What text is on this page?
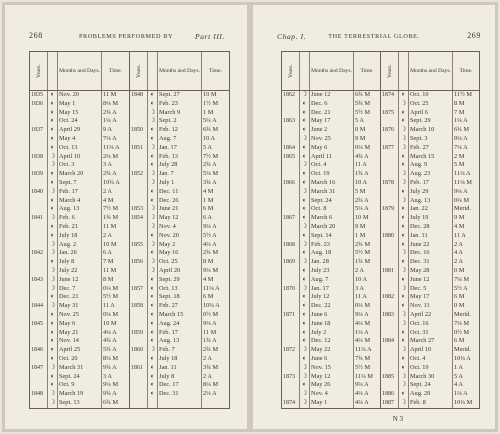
268	PROBLEMS PERFORMED BY	Part III.
Years.		Months and Days.	Time.	Years.		Months and Days.	Time.
1835	◐	Nov. 20	11 M	1848	◐	Sept. 27	10 M
1836	◐	May 1	8¼ M		◐	Feb. 23	1½ M
	◐	May 15	2¾ A		☽	March 9	1 M
	◐	Oct. 24	1¼ A		☽	Sept. 2	5¼ A
1837	◐	April 29	9 A	1850	◐	Feb. 12	6¾ M
	◐	May 4	7¼ A		◐	Aug. 7	10 A
	◐	Oct. 13	11¼ A	1851	☽	Jan. 17	5 A
1838	☽	April 10	2¼ M		◐	Feb. 13	7½ M
	☽	Oct. 3	3 A		◐	July 28	2¾ A
1839	◐	March 20	2¾ A	1852	☽	Jan. 7	5¼ M
	◐	Sept. 7	10¾ A		☽	July 1	3¾ A
1840	☽	Feb. 17	2 A		◐	Dec. 11	4 M
	◐	March 4	4 M		◐	Dec. 26	1 M
	◐	Aug. 13	7½ M	1853	☽	June 21	6 M
1841	☽	Feb. 6	1¾ M	1854	☽	May 12	6 A
	◐	Feb. 21	11 M		☽	Nov. 4	9¼ A
	◐	July 18	2 A		◐	Nov. 20	5½ A
	☽	Aug. 2	10 M	1855	☽	May 2	4¼ A
1842	☽	Jan. 26	6 A		◐	May 16	2¾ M
	◐	July 8	7 M	1856	☽	Oct. 25	8 M
	☽	July 22	11 M		☽	April 20	9¼ M
1843	☽	June 12	8 M		◐	Sept. 29	4 M
	☽	Dec. 7	0¼ M	1857	◐	Oct. 13	11¼ A
	◐	Dec. 21	5½ M		◐	Sept. 18	6 M
1844	☽	May 31	11 A	1858	◐	Feb. 27	10¼ A
	◐	Nov. 25	0¼ M		◐	March 15	0½ M
1845	◐	May 6	10 M		◐	Aug. 24	9¼ A
	◐	May 21	4¼ A	1859	◐	Feb. 17	11 M
	◐	Nov. 14	4¾ A		◐	Aug. 13	1¾ A
1846	◐	April 25	5¾ A	1860	☽	Feb. 7	2¾ M
	◐	Oct. 20	8¼ M		◐	July 18	2 A
1847	☽	March 31	9¾ A	1861	◐	Jan. 11	3¾ M
	◐	Sept. 24	3 A		◐	July 8	2 A
	◐	Oct. 9	9¼ M		◐	Dec. 17	8¼ M
1848	☽	March 19	9¾ A		◐	Dec. 31	2¼ A
	☽	Sept. 13	6¾ M				
Chap. I.	THE TERRESTRIAL GLOBE.	269
Years.		Months and Days.	Time.	Years.		Months and Days.	Time.
1862	☽	June 12	6¾ M	1874	◐	Oct. 10	11½ M
	◐	Dec. 6	5¾ M		☽	Oct. 25	8 M
	◐	Dec. 21	5½ M	1875	◐	April 6	7 M
1863	◐	May 17	5 A		◐	Sept. 29	1¼ A
	◐	June 2	0 M	1876	☽	March 10	6¾ M
	☽	Nov. 25	9 M		☽	Sept. 3	9¼ A
1864	◐	May 6	0¼ M	1877	☽	Feb. 27	7¼ A
1865	◐	April 11	4¾ A		◐	March 15	2 M
	☽	Oct. 4	11 A		◐	Aug. 9	5 M
	◐	Oct. 19	1¾ A		☽	Aug. 23	11¼ A
1866	◐	March 16	10 A	1878	☽	Feb. 17	11¼ M
	☽	March 31	5 M		◐	July 29	9¼ A
	◐	Sept. 24	2¾ A		☽	Aug. 13	0¼ M
	◐	Oct. 8	5¼ A	1879	◐	Jan. 22	Merid.
1867	◐	March 6	10 M		◐	July 19	9 M
	☽	March 20	9 M		◐	Dec. 28	4 M
	◐	Sept. 14	1 M	1880	◐	Jan. 11	11 A
1868	☽	Feb. 23	2¾ M		◐	June 22	2 A
	◐	Aug. 18	5½ M		☽	Dec. 16	4 A
1869	☽	Jan. 28	1¾ M		◐	Dec. 31	2 A
	◐	July 23	2 A	1881	☽	May 28	0 M
	◐	Aug. 7	10 A		◐	June 12	7¼ M
1870	☽	Jan. 17	3 A		☽	Dec. 5	5½ A
	◐	July 12	11 A	1882	◐	May 17	6 M
	◐	Dec. 22	0¼ M		◐	Nov. 11	0 M
1871	◐	June 6	9¼ A	1883	☽	April 22	Merid.
	◐	June 18	4¼ M		☽	Oct. 16	7¼ M
	◐	July 2	1¼ A		◐	Oct. 31	0½ M
	◐	Dec. 12	4¼ M	1884	◐	March 27	6 M
1872	☽	May 22	11¼ A		☽	April 10	Merid.
	◐	June 6	7¾ M		◐	Oct. 4	10¼ A
	☽	Nov. 15	5½ M		◐	Oct. 19	1 A
1873	☽	May 12	11¼ M	1885	☽	March 30	5 A
	◐	May 26	9¼ A		☽	Sept. 24	4 A
	☽	Nov. 4	4¼ A	1886	◐	Aug. 29	1¼ A
1874	☽	May 1	4¼ A	1887	☽	Feb. 8	10¼ M
N 3
